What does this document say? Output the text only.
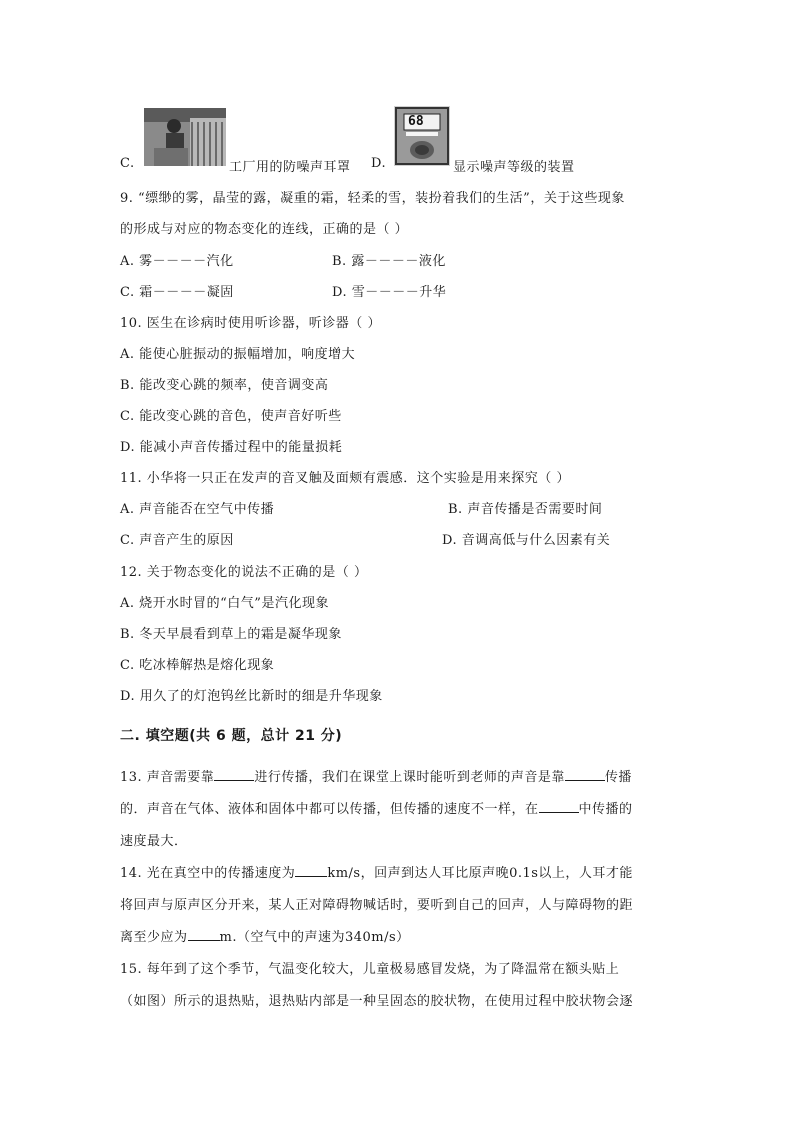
68
C.	工厂用的防噪声耳罩 D.	显示噪声等级的装置
9. “缥缈的雾，晶莹的露，凝重的霜，轻柔的雪，装扮着我们的生活”，关于这些现象
的形成与对应的物态变化的连线，正确的是（ ）
A. 雾－－－－汽化	B. 露－－－－液化
C. 霜－－－－凝固	D. 雪－－－－升华
10. 医生在诊病时使用听诊器，听诊器（ ）
A. 能使心脏振动的振幅增加，响度增大
B. 能改变心跳的频率，使音调变高
C. 能改变心跳的音色，使声音好听些
D. 能减小声音传播过程中的能量损耗
11. 小华将一只正在发声的音叉触及面颊有震感．这个实验是用来探究（ ）
A. 声音能否在空气中传播	B. 声音传播是否需要时间
C. 声音产生的原因	D. 音调高低与什么因素有关
12. 关于物态变化的说法不正确的是（ ）
A. 烧开水时冒的“白气”是汽化现象
B. 冬天早晨看到草上的霜是凝华现象
C. 吃冰棒解热是熔化现象
D. 用久了的灯泡钨丝比新时的细是升华现象
二. 填空题(共 6 题，总计 21 分)
13. 声音需要靠	进行传播，我们在课堂上课时能听到老师的声音是靠	传播
的．声音在气体、液体和固体中都可以传播，但传播的速度不一样，在	中传播的
速度最大．
14. 光在真空中的传播速度为 km/s，回声到达人耳比原声晚0.1s以上，人耳才能
将回声与原声区分开来，某人正对障碍物喊话时，要听到自己的回声，人与障碍物的距
离至少应为 m.（空气中的声速为340m/s）
15. 每年到了这个季节，气温变化较大，儿童极易感冒发烧，为了降温常在额头贴上
（如图）所示的退热贴，退热贴内部是一种呈固态的胶状物，在使用过程中胶状物会逐
